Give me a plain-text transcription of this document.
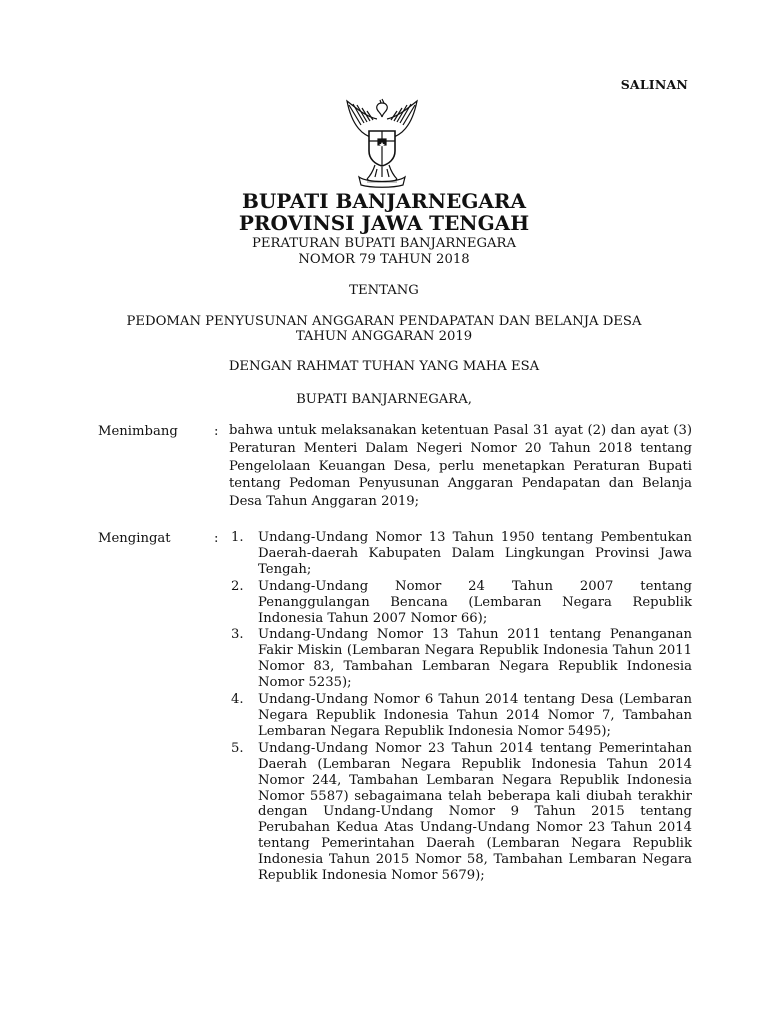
SALINAN
BUPATI BANJARNEGARA
PROVINSI JAWA TENGAH
PERATURAN BUPATI BANJARNEGARA
NOMOR 79 TAHUN 2018
TENTANG
PEDOMAN PENYUSUNAN ANGGARAN PENDAPATAN DAN BELANJA DESA
TAHUN ANGGARAN 2019
DENGAN RAHMAT TUHAN YANG MAHA ESA
BUPATI BANJARNEGARA,
Menimbang	: bahwa untuk melaksanakan ketentuan Pasal 31 ayat (2) dan ayat (3) Peraturan Menteri Dalam Negeri Nomor 20 Tahun 2018 tentang Pengelolaan Keuangan Desa, perlu menetapkan Peraturan Bupati tentang Pedoman Penyusunan Anggaran Pendapatan dan Belanja Desa Tahun Anggaran 2019;
Mengingat	: 1. Undang-Undang Nomor 13 Tahun 1950 tentang Pembentukan Daerah-daerah Kabupaten Dalam Lingkungan Provinsi Jawa Tengah;
2. Undang-Undang Nomor 24 Tahun 2007 tentang Penanggulangan Bencana (Lembaran Negara Republik Indonesia Tahun 2007 Nomor 66);
3. Undang-Undang Nomor 13 Tahun 2011 tentang Penanganan Fakir Miskin (Lembaran Negara Republik Indonesia Tahun 2011 Nomor 83, Tambahan Lembaran Negara Republik Indonesia Nomor 5235);
4. Undang-Undang Nomor 6 Tahun 2014 tentang Desa (Lembaran Negara Republik Indonesia Tahun 2014 Nomor 7, Tambahan Lembaran Negara Republik Indonesia Nomor 5495);
5. Undang-Undang Nomor 23 Tahun 2014 tentang Pemerintahan Daerah (Lembaran Negara Republik Indonesia Tahun 2014 Nomor 244, Tambahan Lembaran Negara Republik Indonesia Nomor 5587) sebagaimana telah beberapa kali diubah terakhir dengan Undang-Undang Nomor 9 Tahun 2015 tentang Perubahan Kedua Atas Undang-Undang Nomor 23 Tahun 2014 tentang Pemerintahan Daerah (Lembaran Negara Republik Indonesia Tahun 2015 Nomor 58, Tambahan Lembaran Negara Republik Indonesia Nomor 5679);
